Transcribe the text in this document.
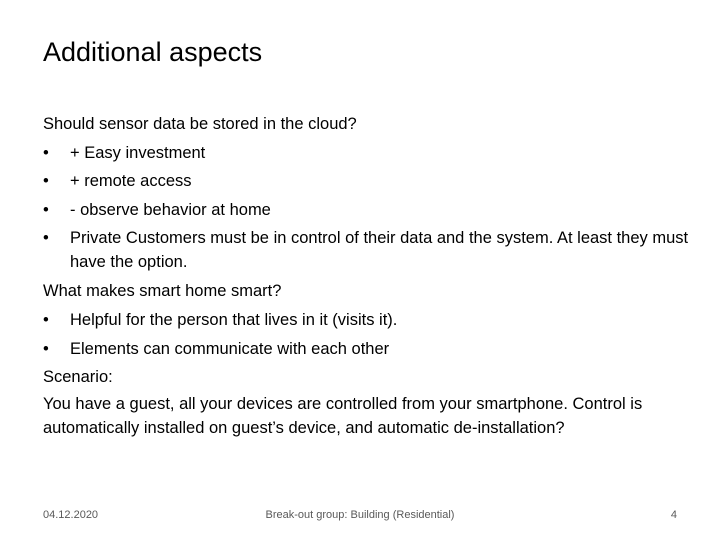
Additional aspects
Should sensor data be stored in the cloud?
•	+ Easy investment
•	+ remote access
•	- observe behavior at home
•	Private Customers must be in control of their data and the system. At least they must have the option.
What makes smart home smart?
•	Helpful for the person that lives in it (visits it).
•	Elements can communicate with each other
Scenario:
You have a guest, all your devices are controlled from your smartphone. Control is automatically installed on guest’s device, and automatic de-installation?
04.12.2020	Break-out group: Building (Residential)	4
